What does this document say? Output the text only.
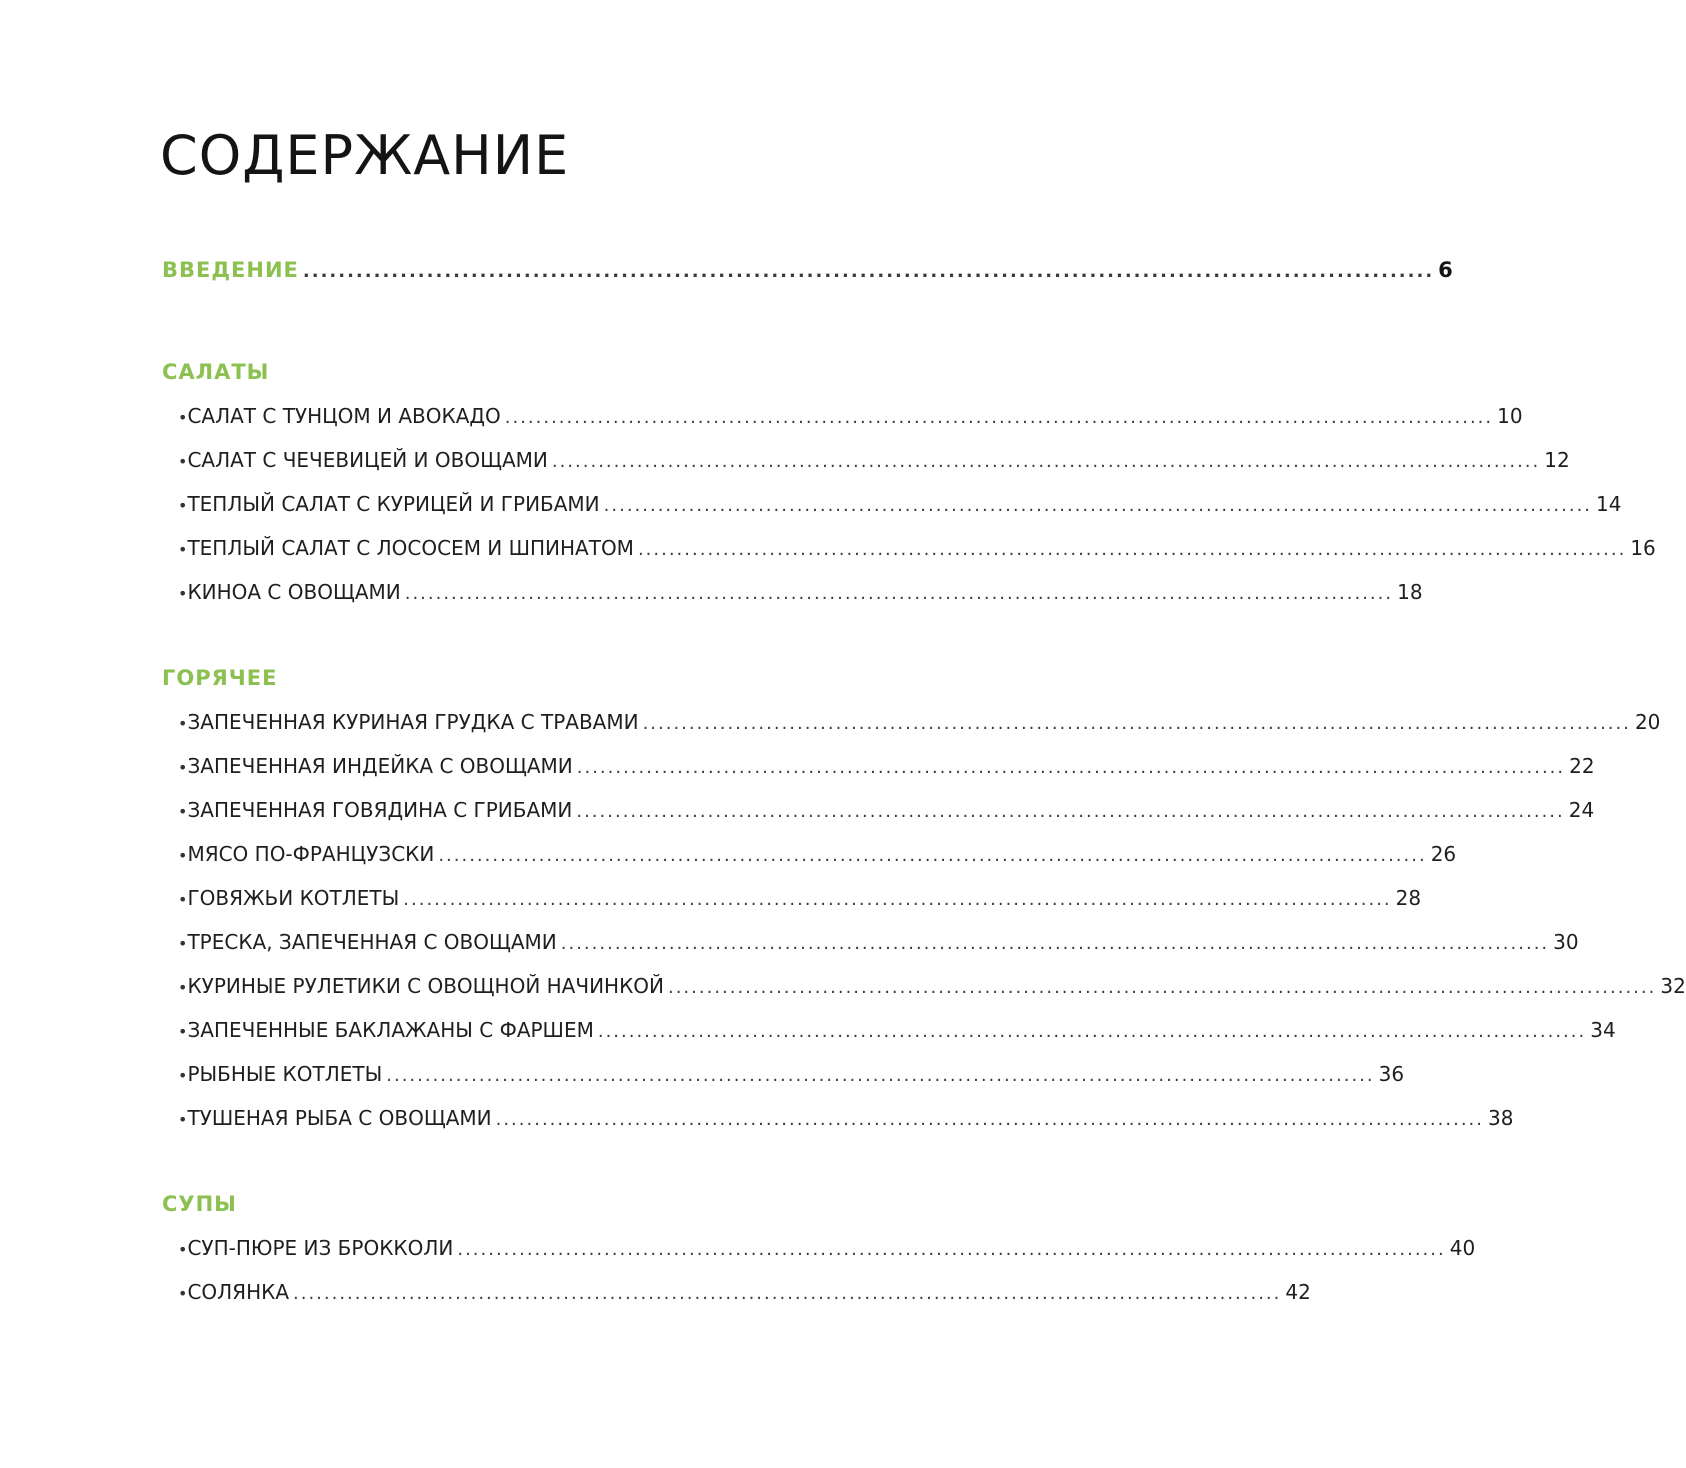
СОДЕРЖАНИЕ
ВВЕДЕНИЕ ................................................................................................................................ 6
САЛАТЫ
• САЛАТ С ТУНЦОМ И АВОКАДО ................................................................................................................................ 10
• САЛАТ С ЧЕЧЕВИЦЕЙ И ОВОЩАМИ ................................................................................................................................ 12
• ТЕПЛЫЙ САЛАТ С КУРИЦЕЙ И ГРИБАМИ ................................................................................................................................ 14
• ТЕПЛЫЙ САЛАТ С ЛОСОСЕМ И ШПИНАТОМ ................................................................................................................................ 16
• КИНОА С ОВОЩАМИ ................................................................................................................................ 18
ГОРЯЧЕЕ
• ЗАПЕЧЕННАЯ КУРИНАЯ ГРУДКА С ТРАВАМИ ................................................................................................................................ 20
• ЗАПЕЧЕННАЯ ИНДЕЙКА С ОВОЩАМИ ................................................................................................................................ 22
• ЗАПЕЧЕННАЯ ГОВЯДИНА С ГРИБАМИ ................................................................................................................................ 24
• МЯСО ПО-ФРАНЦУЗСКИ ................................................................................................................................ 26
• ГОВЯЖЬИ КОТЛЕТЫ ................................................................................................................................ 28
• ТРЕСКА, ЗАПЕЧЕННАЯ С ОВОЩАМИ ................................................................................................................................ 30
• КУРИНЫЕ РУЛЕТИКИ С ОВОЩНОЙ НАЧИНКОЙ ................................................................................................................................ 32
• ЗАПЕЧЕННЫЕ БАКЛАЖАНЫ С ФАРШЕМ ................................................................................................................................ 34
• РЫБНЫЕ КОТЛЕТЫ ................................................................................................................................ 36
• ТУШЕНАЯ РЫБА С ОВОЩАМИ ................................................................................................................................ 38
СУПЫ
• СУП-ПЮРЕ ИЗ БРОККОЛИ ................................................................................................................................ 40
• СОЛЯНКА ................................................................................................................................ 42
